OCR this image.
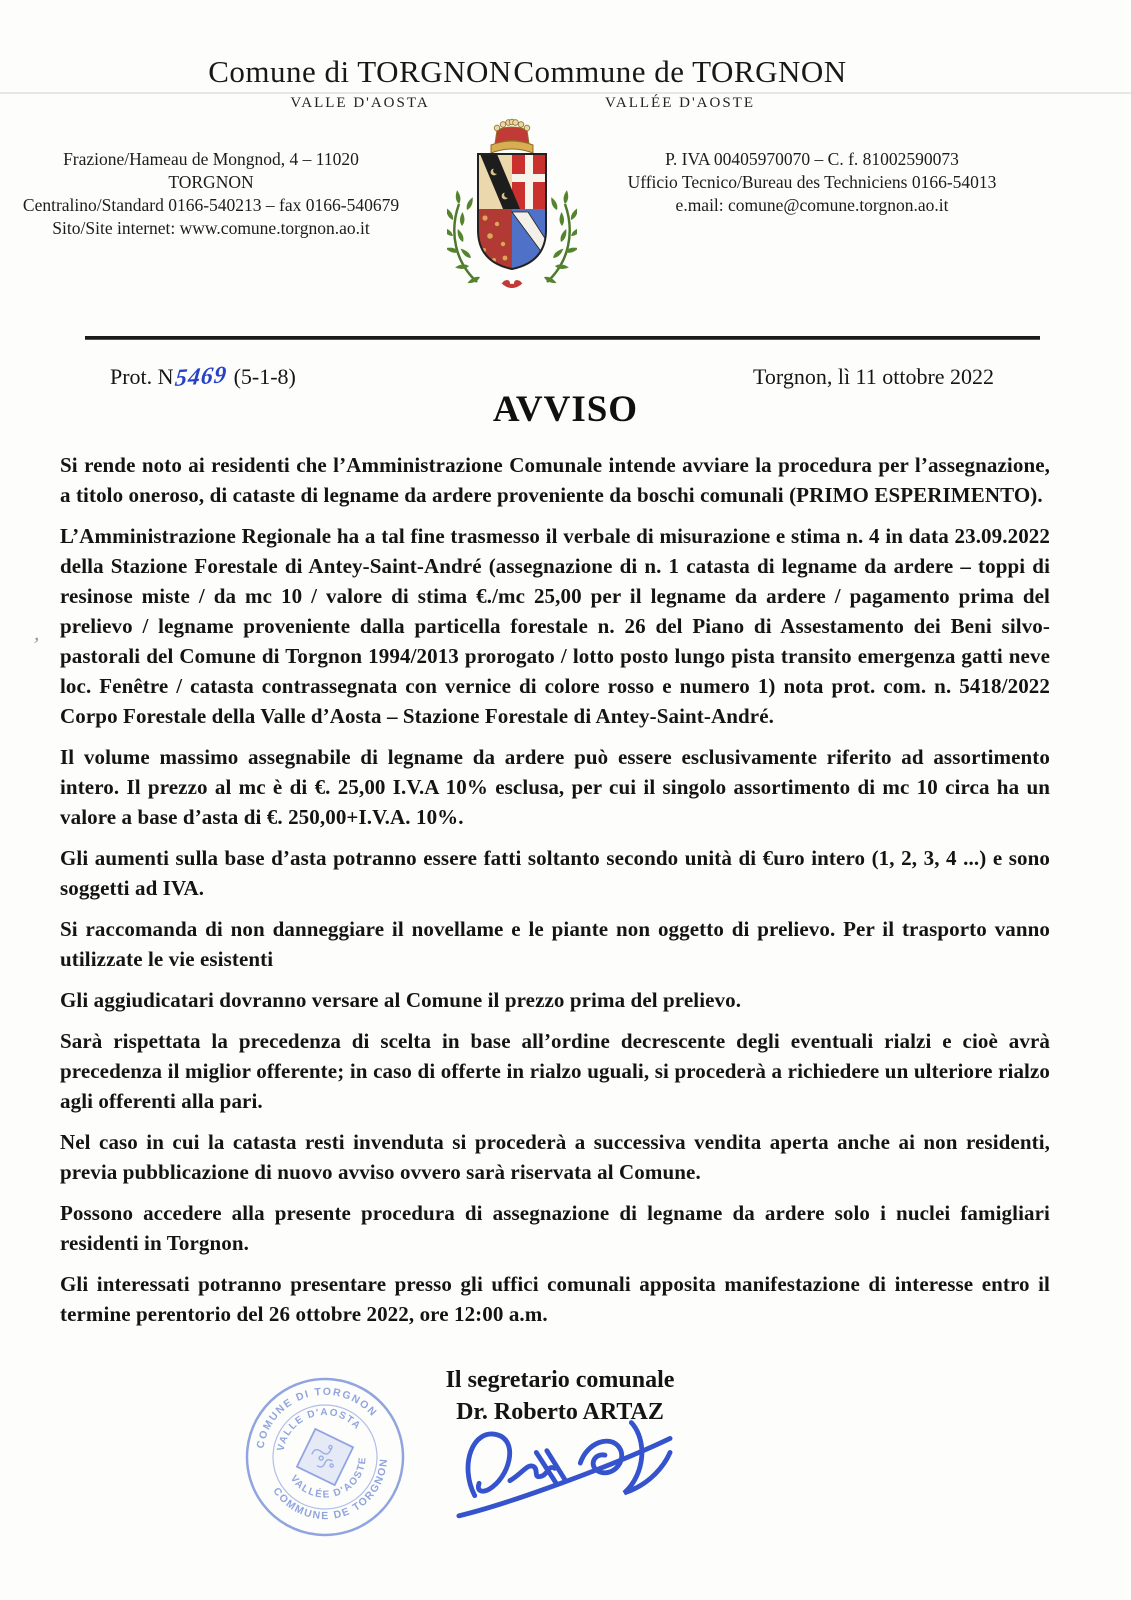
Comune di TORGNON
VALLE D'AOSTA
Commune de TORGNON
VALLÉE D'AOSTE
Frazione/Hameau de Mongnod, 4 – 11020 TORGNON
Centralino/Standard 0166-540213 – fax 0166-540679
Sito/Site internet: www.comune.torgnon.ao.it
P. IVA 00405970070 – C. f. 81002590073
Ufficio Tecnico/Bureau des Techniciens 0166-54013
e.mail: comune@comune.torgnon.ao.it
Prot. N5469 (5-1-8)	Torgnon, lì 11 ottobre 2022
AVVISO

Si rende noto ai residenti che l’Amministrazione Comunale intende avviare la procedura per l’assegnazione, a titolo oneroso, di cataste di legname da ardere proveniente da boschi comunali (PRIMO ESPERIMENTO).

L’Amministrazione Regionale ha a tal fine trasmesso il verbale di misurazione e stima n. 4 in data 23.09.2022 della Stazione Forestale di Antey-Saint-André (assegnazione di n. 1 catasta di legname da ardere – toppi di resinose miste / da mc 10 / valore di stima €./mc 25,00 per il legname da ardere / pagamento prima del prelievo / legname proveniente dalla particella forestale n. 26 del Piano di Assestamento dei Beni silvo-pastorali del Comune di Torgnon 1994/2013 prorogato / lotto posto lungo pista transito emergenza gatti neve loc. Fenêtre / catasta contrassegnata con vernice di colore rosso e numero 1) nota prot. com. n. 5418/2022 Corpo Forestale della Valle d’Aosta – Stazione Forestale di Antey-Saint-André.

Il volume massimo assegnabile di legname da ardere può essere esclusivamente riferito ad assortimento intero. Il prezzo al mc è di €. 25,00 I.V.A 10% esclusa, per cui il singolo assortimento di mc 10 circa ha un valore a base d’asta di €. 250,00+I.V.A. 10%.

Gli aumenti sulla base d’asta potranno essere fatti soltanto secondo unità di €uro intero (1, 2, 3, 4 ...) e sono soggetti ad IVA.

Si raccomanda di non danneggiare il novellame e le piante non oggetto di prelievo. Per il trasporto vanno utilizzate le vie esistenti

Gli aggiudicatari dovranno versare al Comune il prezzo prima del prelievo.

Sarà rispettata la precedenza di scelta in base all’ordine decrescente degli eventuali rialzi e cioè avrà precedenza il miglior offerente; in caso di offerte in rialzo uguali, si procederà a richiedere un ulteriore rialzo agli offerenti alla pari.

Nel caso in cui la catasta resti invenduta si procederà a successiva vendita aperta anche ai non residenti, previa pubblicazione di nuovo avviso ovvero sarà riservata al Comune.

Possono accedere alla presente procedura di assegnazione di legname da ardere solo i nuclei famigliari residenti in Torgnon.

Gli interessati potranno presentare presso gli uffici comunali apposita manifestazione di interesse entro il termine perentorio del 26 ottobre 2022, ore 12:00 a.m.

‚
Il segretario comunale
Dr. Roberto ARTAZ
COMUNE DI TORGNON
COMMUNE DE TORGNON
VALLE D'AOSTA
VALLÉE D'AOSTE
